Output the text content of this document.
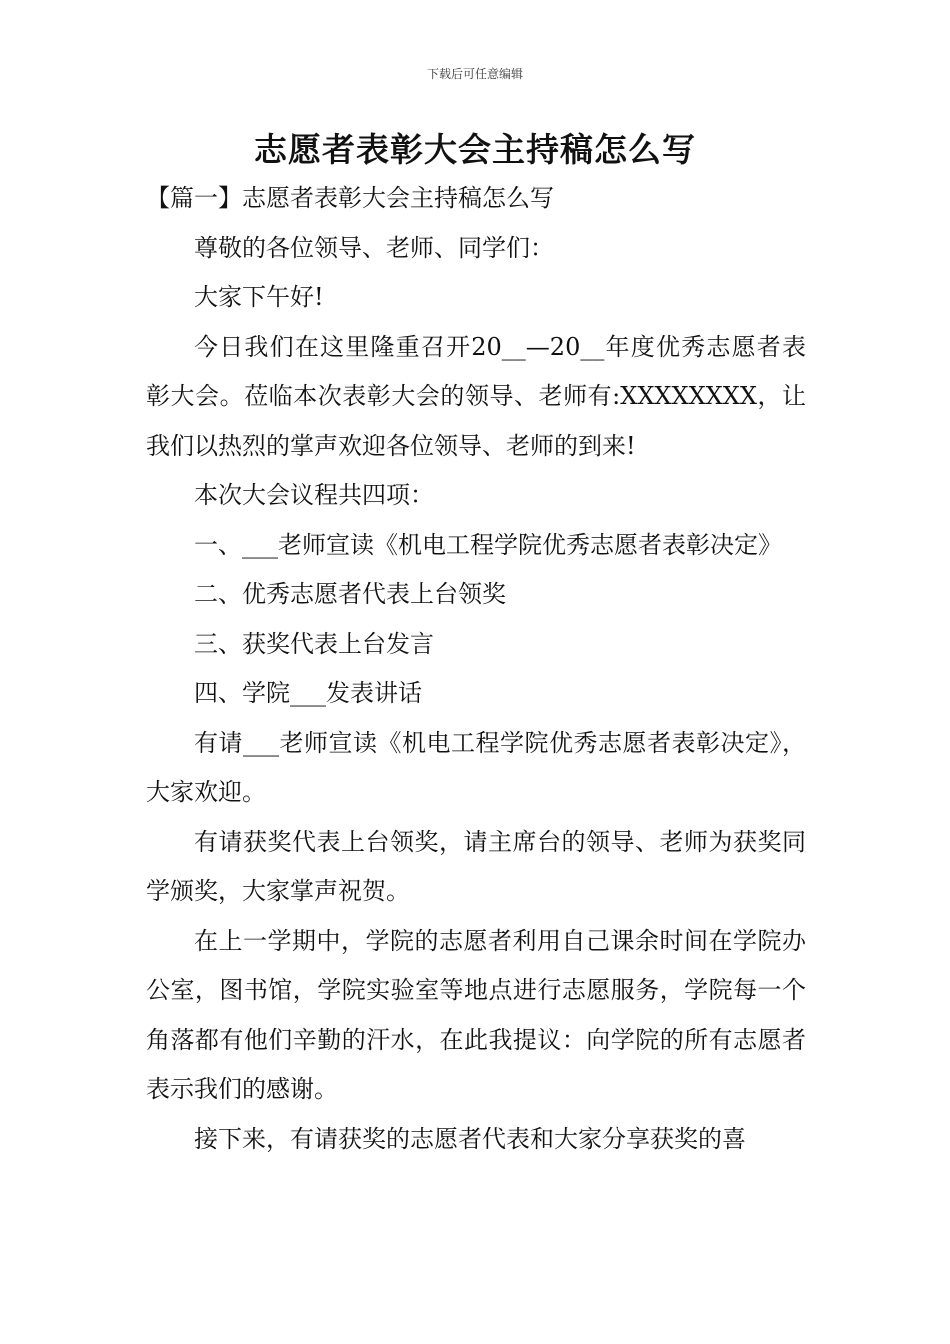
下载后可任意编辑
志愿者表彰大会主持稿怎么写

【篇一】志愿者表彰大会主持稿怎么写

尊敬的各位领导、老师、同学们：

大家下午好!

今日我们在这里隆重召开20__—20__年度优秀志愿者表彰大会。莅临本次表彰大会的领导、老师有:XXXXXXXX，让我们以热烈的掌声欢迎各位领导、老师的到来!

本次大会议程共四项：

一、___老师宣读《机电工程学院优秀志愿者表彰决定》

二、优秀志愿者代表上台领奖

三、获奖代表上台发言

四、学院___发表讲话

有请___老师宣读《机电工程学院优秀志愿者表彰决定》，大家欢迎。

有请获奖代表上台领奖，请主席台的领导、老师为获奖同学颁奖，大家掌声祝贺。

在上一学期中，学院的志愿者利用自己课余时间在学院办公室，图书馆，学院实验室等地点进行志愿服务，学院每一个角落都有他们辛勤的汗水，在此我提议：向学院的所有志愿者表示我们的感谢。

接下来，有请获奖的志愿者代表和大家分享获奖的喜
